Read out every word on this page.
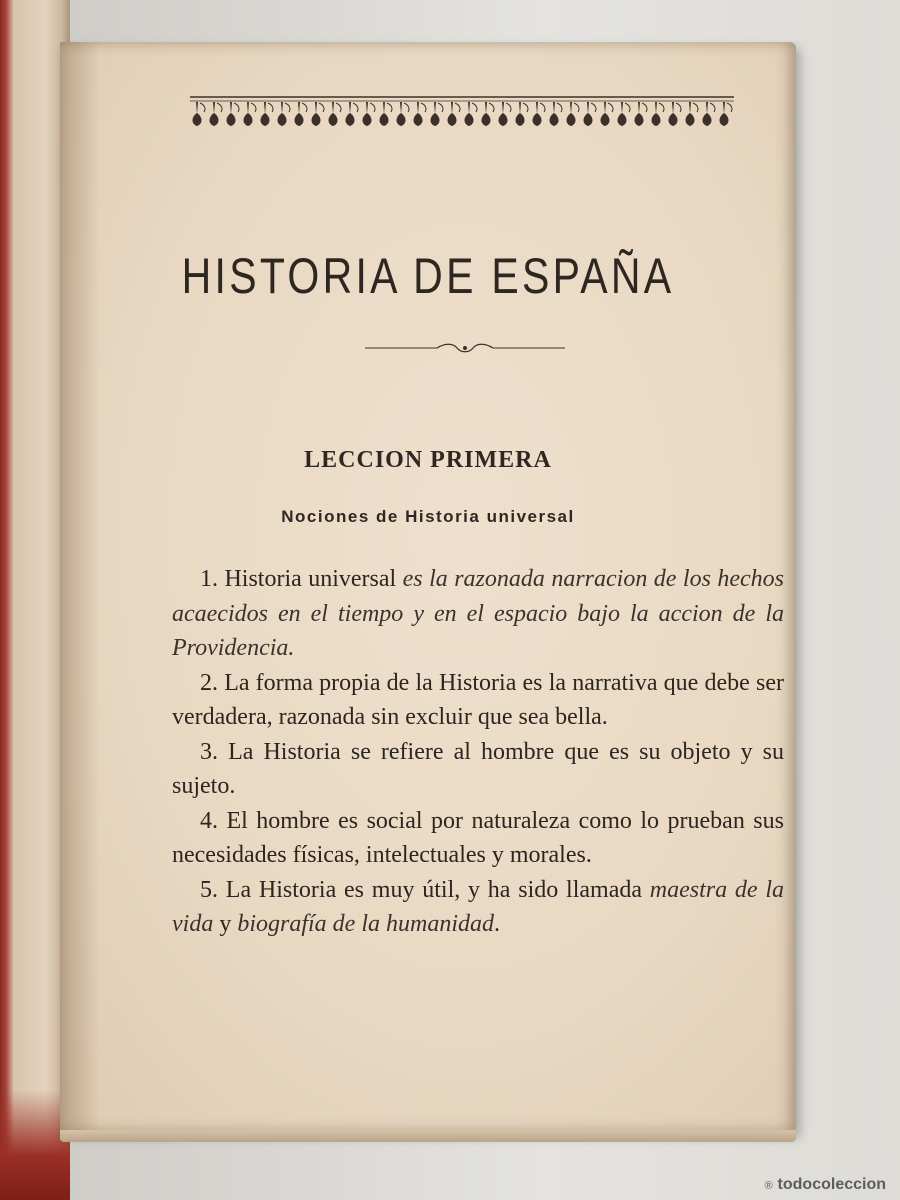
HISTORIA DE ESPAÑA
LECCION PRIMERA
Nociones de Historia universal

1. Historia universal es la razonada narracion de los hechos acaecidos en el tiempo y en el espacio bajo la accion de la Providencia.

2. La forma propia de la Historia es la narrativa que debe ser verdadera, razonada sin excluir que sea bella.

3. La Historia se refiere al hombre que es su objeto y su sujeto.

4. El hombre es social por naturaleza como lo prueban sus necesidades físicas, intelectuales y morales.

5. La Historia es muy útil, y ha sido llamada maestra de la vida y biografía de la humanidad.

® todocoleccion
